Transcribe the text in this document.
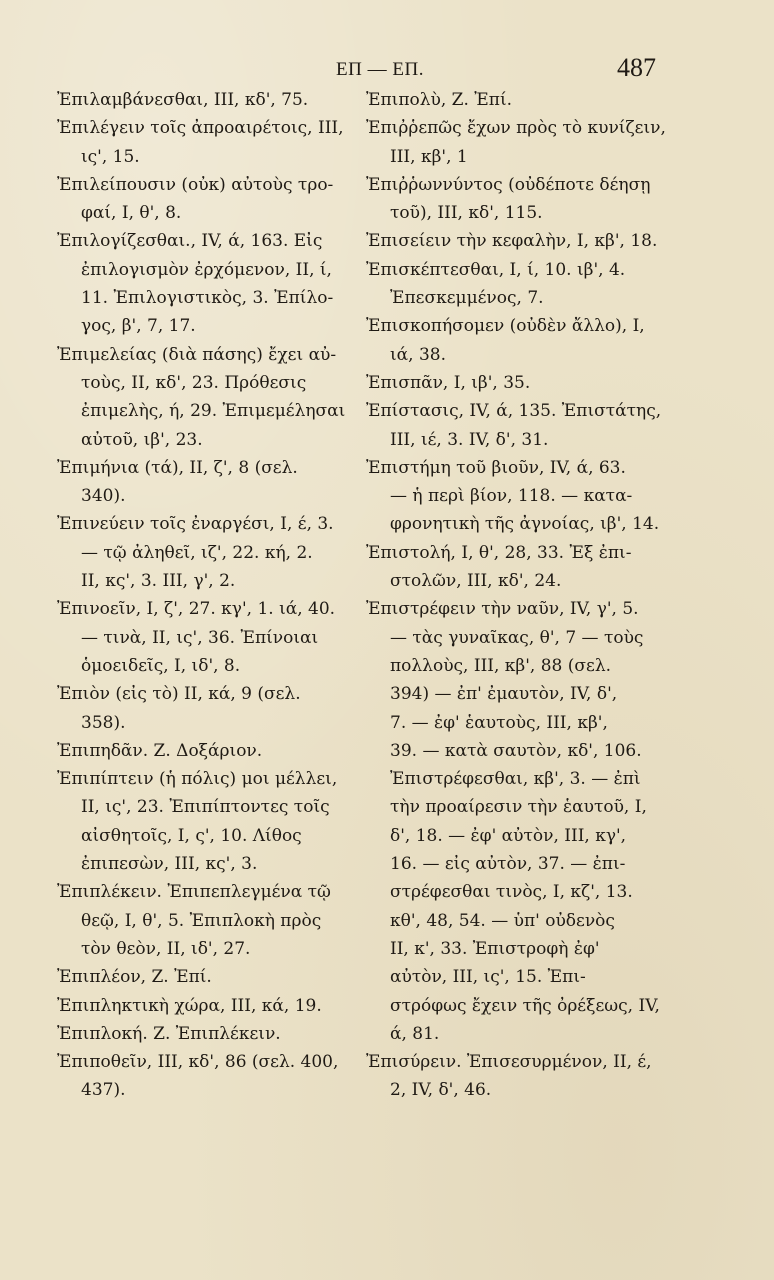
ΕΠ — ΕΠ.	487
Ἐπιλαμβάνεσθαι, III, κδ', 75.
Ἐπιλέγειν τοῖς ἀπροαιρέτοις, III,
ις', 15.
Ἐπιλείπουσιν (οὐκ) αὐτοὺς τρο-
φαί, I, θ', 8.
Ἐπιλογίζεσθαι., IV, ά, 163. Εἰς
ἐπιλογισμὸν ἐρχόμενον, II, ί,
11. Ἐπιλογιστικὸς, 3. Ἐπίλο-
γος, β', 7, 17.
Ἐπιμελείας (διὰ πάσης) ἔχει αὐ-
τοὺς, II, κδ', 23. Πρόθεσις
ἐπιμελὴς, ή, 29. Ἐπιμεμέλησαι
αὐτοῦ, ιβ', 23.
Ἐπιμήνια (τά), II, ζ', 8 (σελ.
340).
Ἐπινεύειν τοῖς ἐναργέσι, I, έ, 3.
— τῷ ἀληθεῖ, ιζ', 22. κή, 2.
II, κς', 3. III, γ', 2.
Ἐπινοεῖν, I, ζ', 27. κγ', 1. ιά, 40.
— τινὰ, II, ις', 36. Ἐπίνοιαι
ὁμοειδεῖς, I, ιδ', 8.
Ἐπιὸν (εἰς τὸ) II, κά, 9 (σελ.
358).
Ἐπιπηδᾶν. Ζ. Δοξάριον.
Ἐπιπίπτειν (ἡ πόλις) μοι μέλλει,
II, ις', 23. Ἐπιπίπτοντες τοῖς
αἰσθητοῖς, I, ς', 10. Λίθος
ἐπιπεσὼν, III, κς', 3.
Ἐπιπλέκειν. Ἐπιπεπλεγμένα τῷ
θεῷ, I, θ', 5. Ἐπιπλοκὴ πρὸς
τὸν θεὸν, II, ιδ', 27.
Ἐπιπλέον, Ζ. Ἐπί.
Ἐπιπληκτικὴ χώρα, III, κά, 19.
Ἐπιπλοκή. Ζ. Ἐπιπλέκειν.
Ἐπιποθεῖν, III, κδ', 86 (σελ. 400,
437).
Ἐπιπολὺ, Ζ. Ἐπί.
Ἐπιῤῥεπῶς ἔχων πρὸς τὸ κυνίζειν,
III, κβ', 1
Ἐπιῤῥωννύντος (οὐδέποτε δέησῃ
τοῦ), III, κδ', 115.
Ἐπισείειν τὴν κεφαλὴν, I, κβ', 18.
Ἐπισκέπτεσθαι, I, ί, 10. ιβ', 4.
Ἐπεσκεμμένος, 7.
Ἐπισκοπήσομεν (οὐδὲν ἄλλο), I,
ιά, 38.
Ἐπισπᾶν, I, ιβ', 35.
Ἐπίστασις, IV, ά, 135. Ἐπιστάτης,
III, ιέ, 3. IV, δ', 31.
Ἐπιστήμη τοῦ βιοῦν, IV, ά, 63.
— ἡ περὶ βίον, 118. — κατα-
φρονητικὴ τῆς ἀγνοίας, ιβ', 14.
Ἐπιστολή, I, θ', 28, 33. Ἐξ ἐπι-
στολῶν, III, κδ', 24.
Ἐπιστρέφειν τὴν ναῦν, IV, γ', 5.
— τὰς γυναῖκας, θ', 7 — τοὺς
πολλοὺς, III, κβ', 88 (σελ.
394) — ἐπ' ἐμαυτὸν, IV, δ',
7. — ἐφ' ἑαυτοὺς, III, κβ',
39. — κατὰ σαυτὸν, κδ', 106.
Ἐπιστρέφεσθαι, κβ', 3. — ἐπὶ
τὴν προαίρεσιν τὴν ἑαυτοῦ, I,
δ', 18. — ἐφ' αὐτὸν, III, κγ',
16. — εἰς αὐτὸν, 37. — ἐπι-
στρέφεσθαι τινὸς, I, κζ', 13.
κθ', 48, 54. — ὑπ' οὐδενὸς
II, κ', 33. Ἐπιστροφὴ ἐφ'
αὐτὸν, III, ις', 15. Ἐπι-
στρόφως ἔχειν τῆς ὀρέξεως, IV,
ά, 81.
Ἐπισύρειν. Ἐπισεσυρμένον, II, έ,
2, IV, δ', 46.
